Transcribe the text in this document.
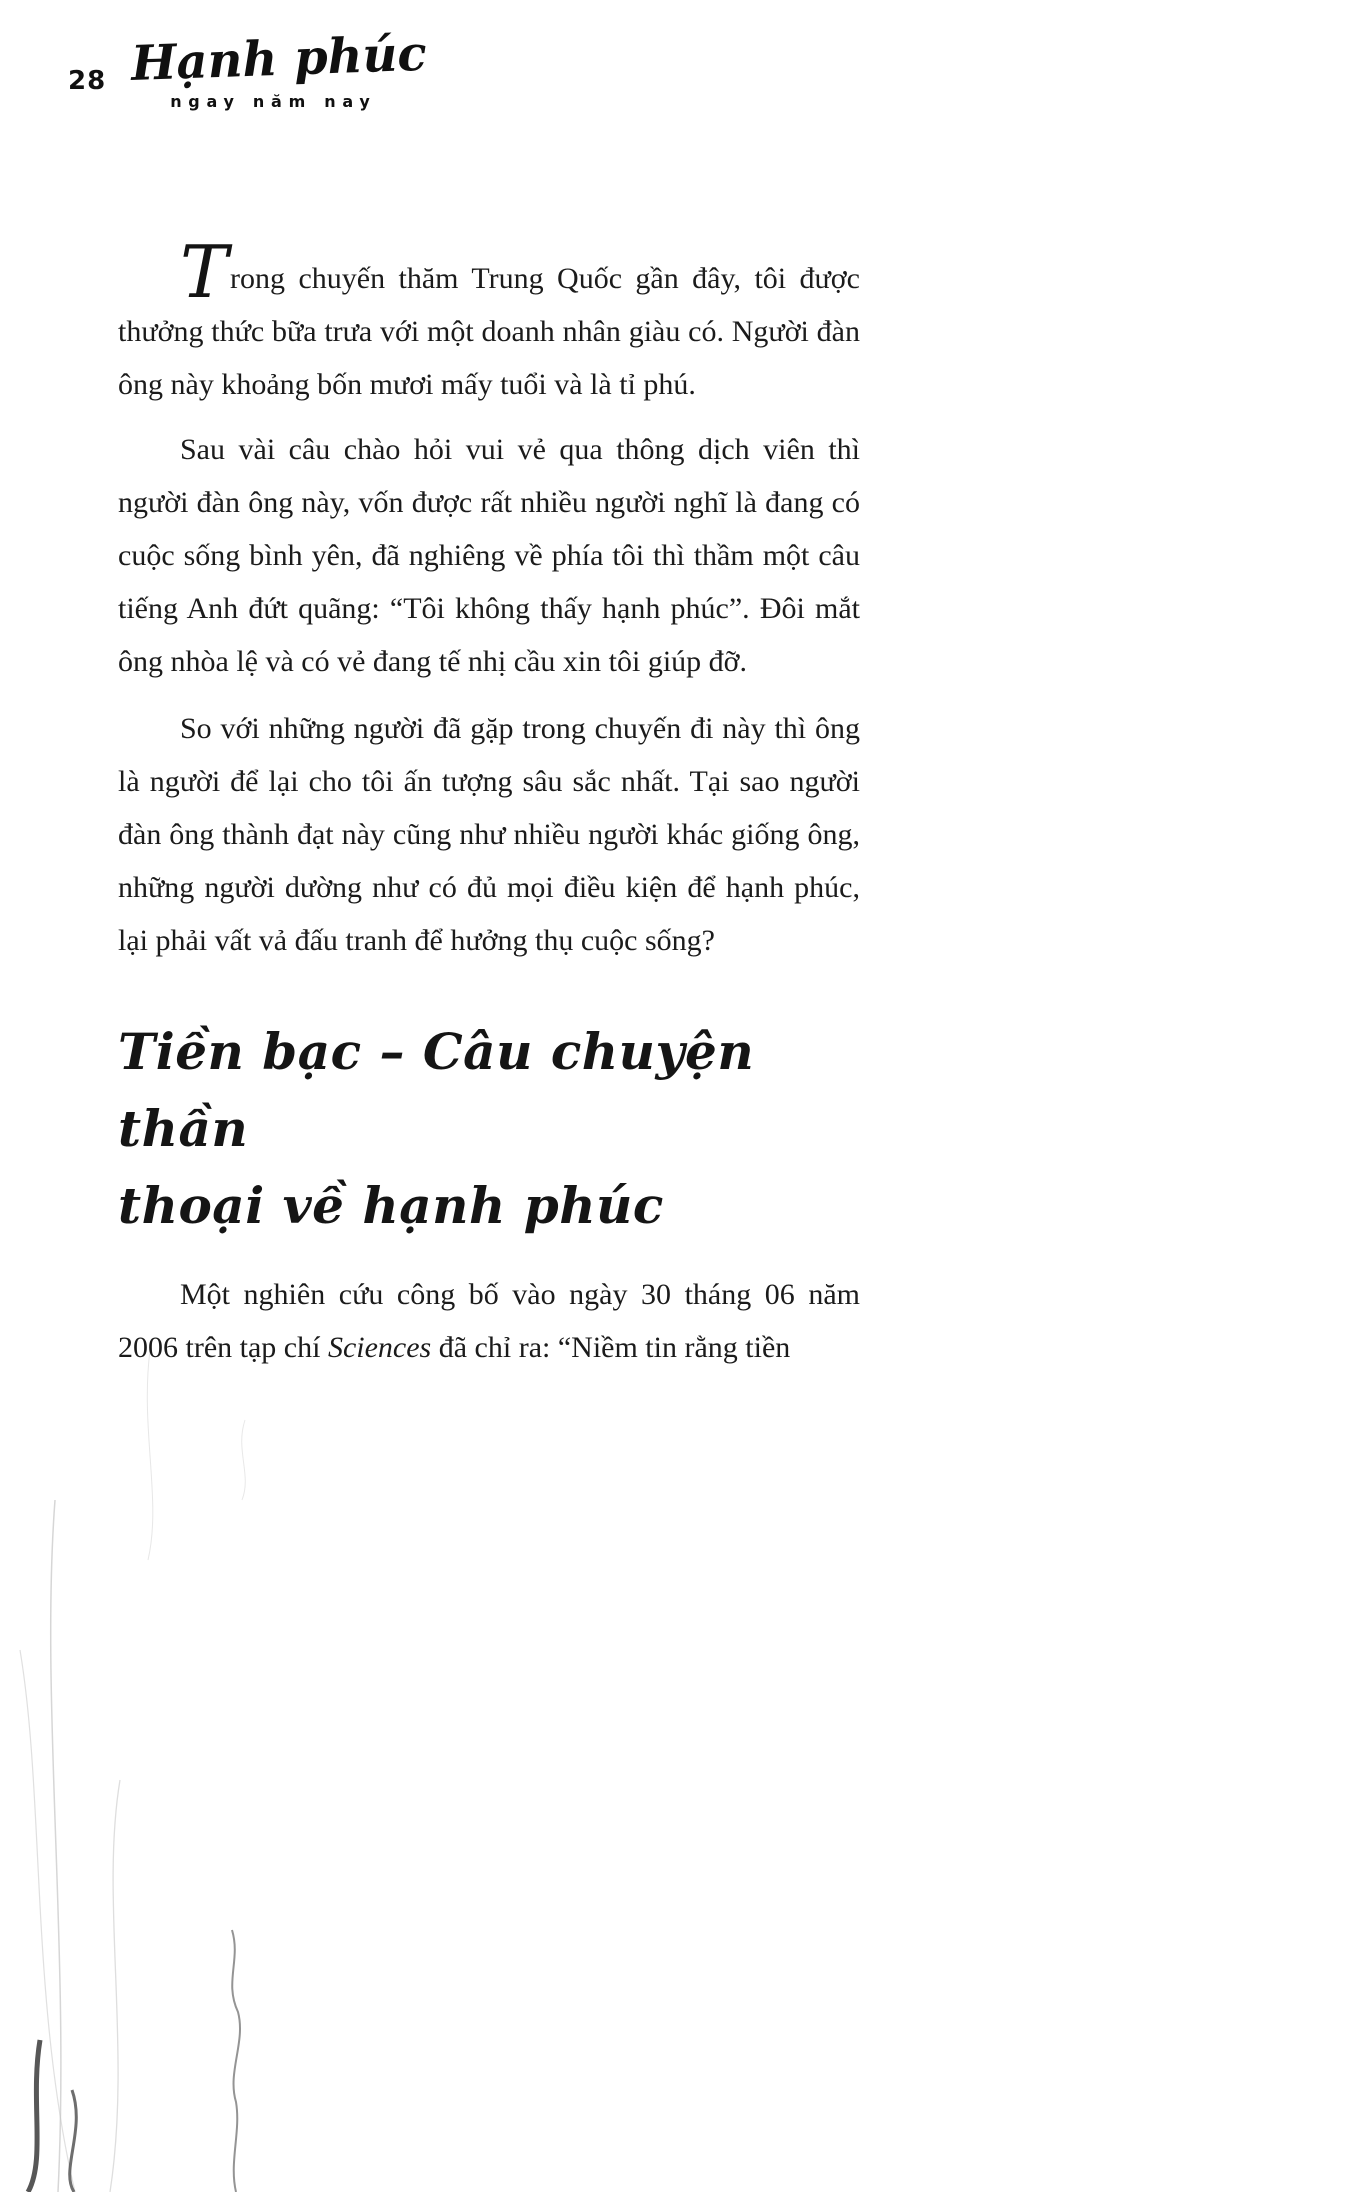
28 Hạnh phúc
ngay năm nay

Trong chuyến thăm Trung Quốc gần đây, tôi được thưởng thức bữa trưa với một doanh nhân giàu có. Người đàn ông này khoảng bốn mươi mấy tuổi và là tỉ phú.

Sau vài câu chào hỏi vui vẻ qua thông dịch viên thì người đàn ông này, vốn được rất nhiều người nghĩ là đang có cuộc sống bình yên, đã nghiêng về phía tôi thì thầm một câu tiếng Anh đứt quãng: “Tôi không thấy hạnh phúc”. Đôi mắt ông nhòa lệ và có vẻ đang tế nhị cầu xin tôi giúp đỡ.

So với những người đã gặp trong chuyến đi này thì ông là người để lại cho tôi ấn tượng sâu sắc nhất. Tại sao người đàn ông thành đạt này cũng như nhiều người khác giống ông, những người dường như có đủ mọi điều kiện để hạnh phúc, lại phải vất vả đấu tranh để hưởng thụ cuộc sống?

Tiền bạc – Câu chuyện thần
thoại về hạnh phúc

Một nghiên cứu công bố vào ngày 30 tháng 06 năm 2006 trên tạp chí Sciences đã chỉ ra: “Niềm tin rằng tiền
